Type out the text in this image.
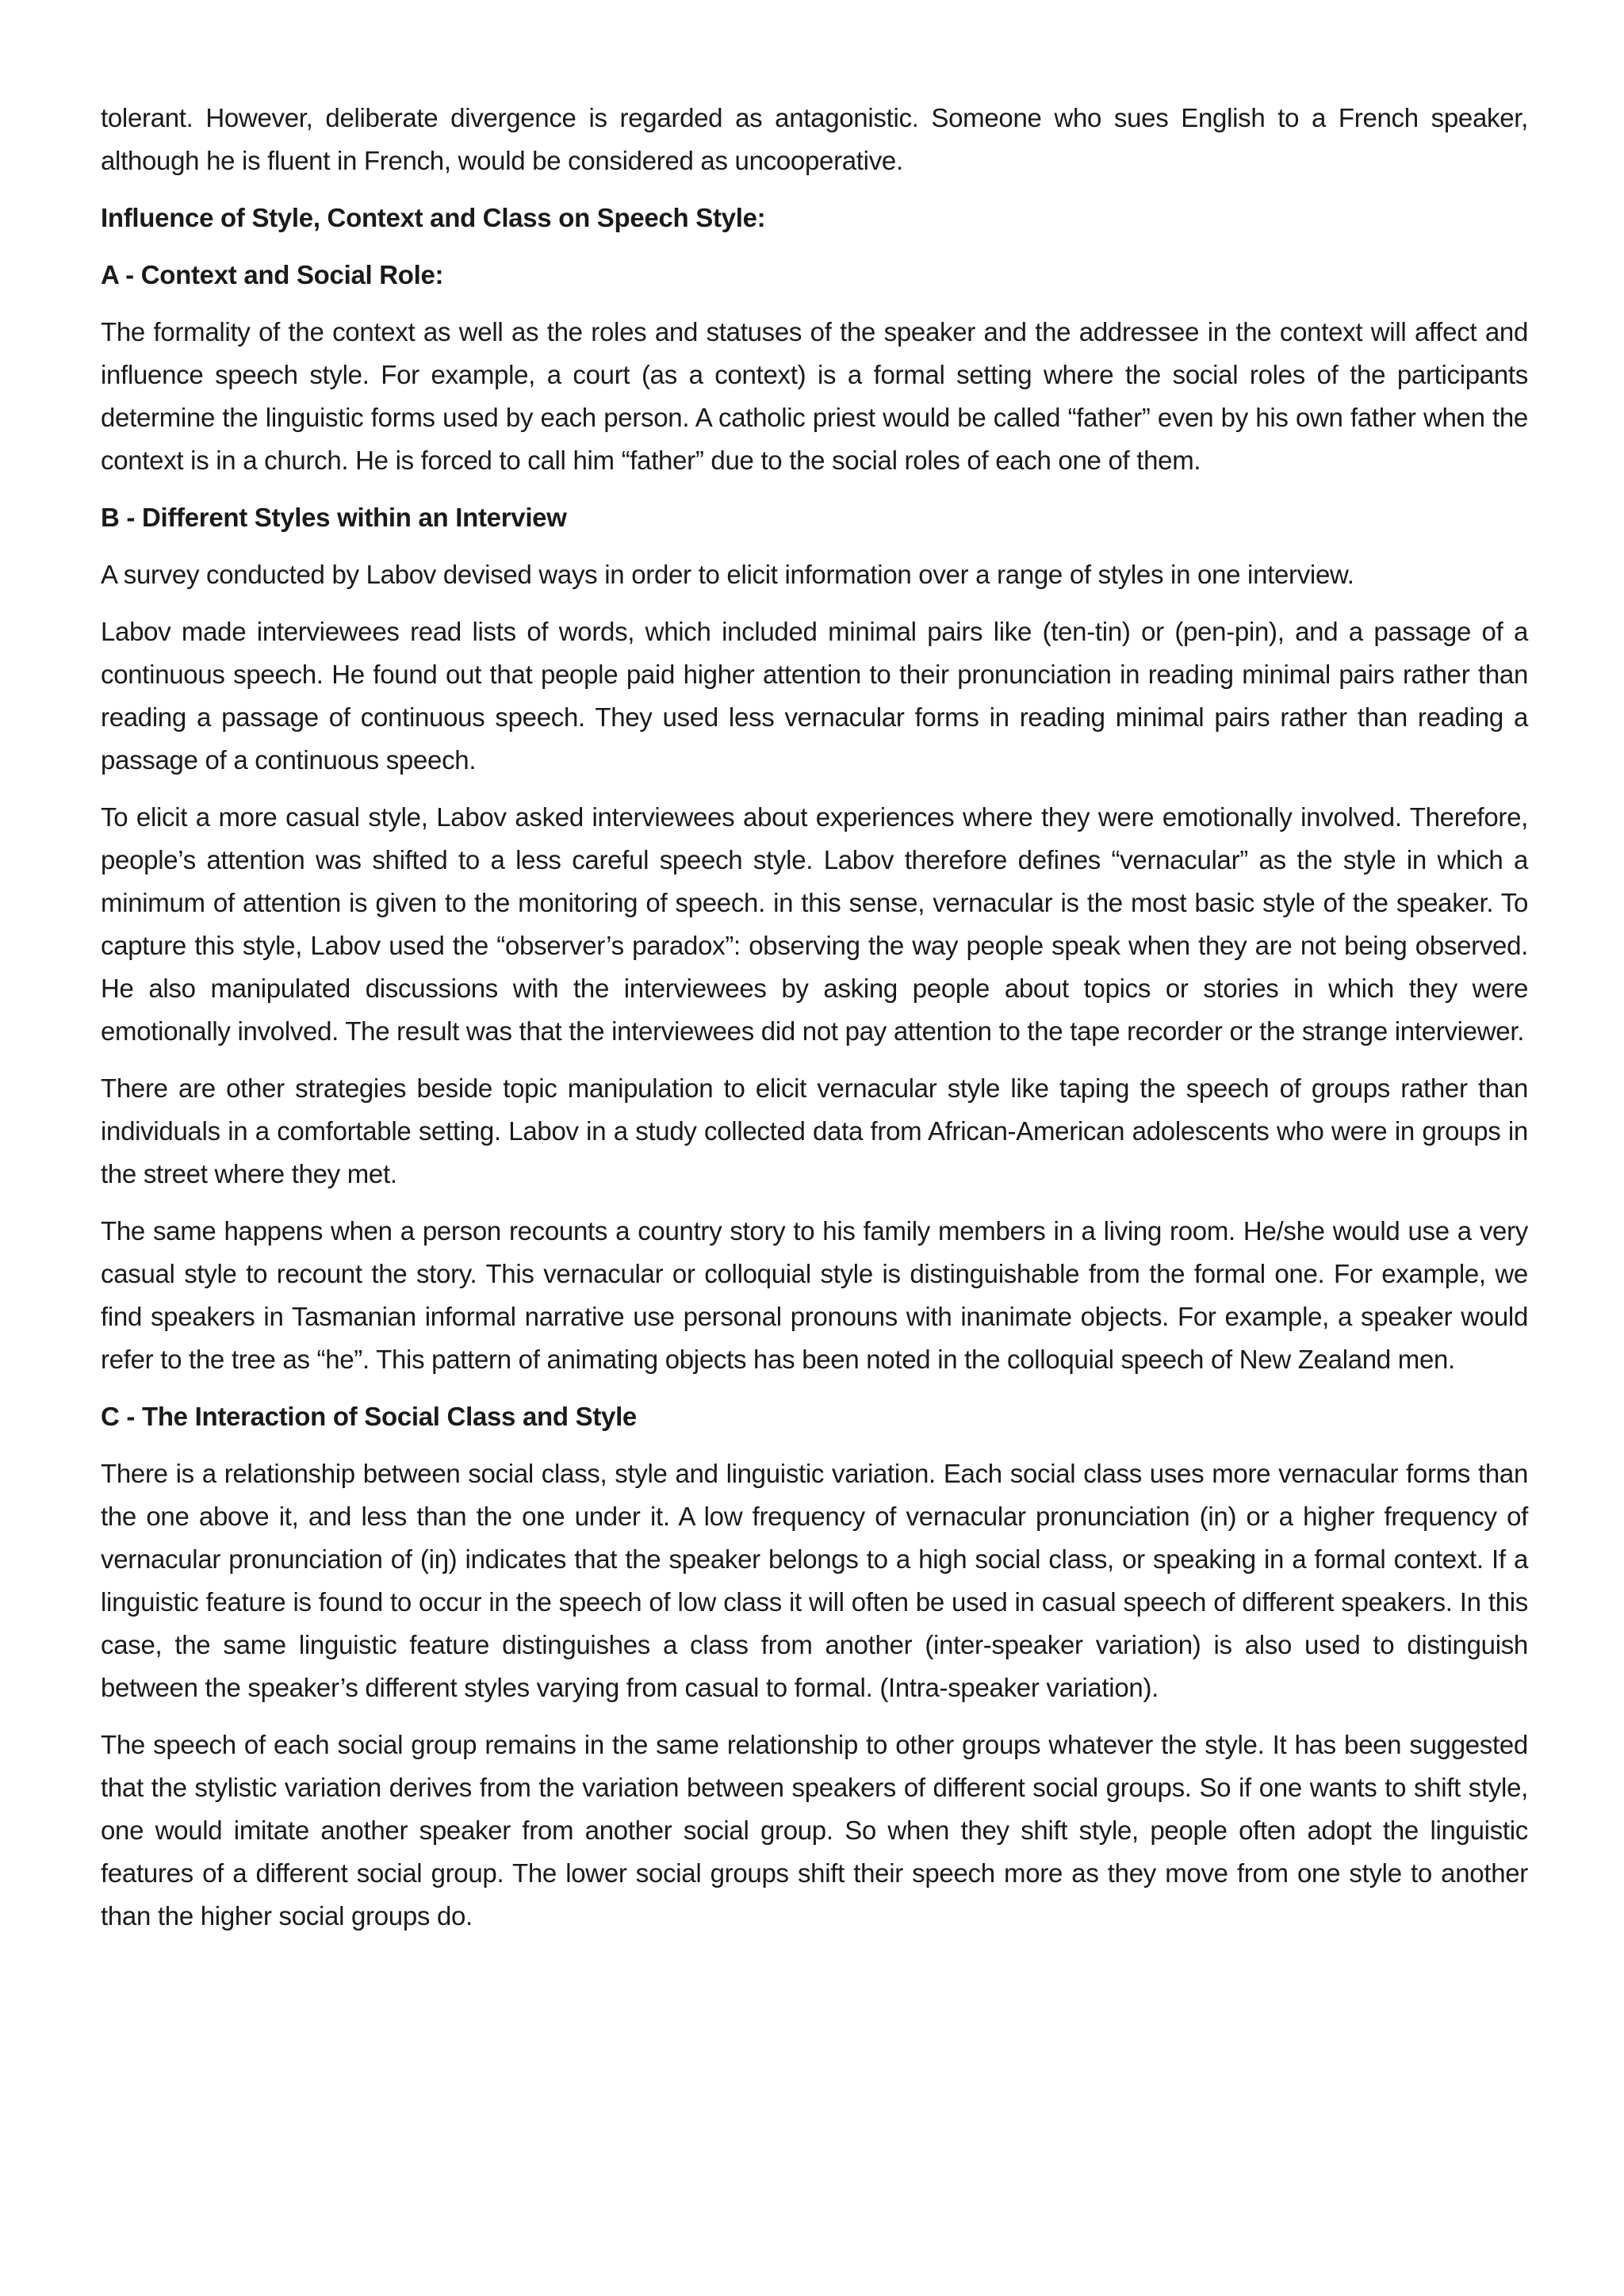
tolerant. However, deliberate divergence is regarded as antagonistic. Someone who sues English to a French speaker, although he is fluent in French, would be considered as uncooperative.

Influence of Style, Context and Class on Speech Style:
A - Context and Social Role:

The formality of the context as well as the roles and statuses of the speaker and the addressee in the context will affect and influence speech style. For example, a court (as a context) is a formal setting where the social roles of the participants determine the linguistic forms used by each person. A catholic priest would be called “father” even by his own father when the context is in a church. He is forced to call him “father” due to the social roles of each one of them.

B - Different Styles within an Interview

A survey conducted by Labov devised ways in order to elicit information over a range of styles in one interview.

Labov made interviewees read lists of words, which included minimal pairs like (ten-tin) or (pen-pin), and a passage of a continuous speech. He found out that people paid higher attention to their pronunciation in reading minimal pairs rather than reading a passage of continuous speech. They used less vernacular forms in reading minimal pairs rather than reading a passage of a continuous speech.

To elicit a more casual style, Labov asked interviewees about experiences where they were emotionally involved. Therefore, people’s attention was shifted to a less careful speech style. Labov therefore defines “vernacular” as the style in which a minimum of attention is given to the monitoring of speech. in this sense, vernacular is the most basic style of the speaker. To capture this style, Labov used the “observer’s paradox”: observing the way people speak when they are not being observed. He also manipulated discussions with the interviewees by asking people about topics or stories in which they were emotionally involved. The result was that the interviewees did not pay attention to the tape recorder or the strange interviewer.

There are other strategies beside topic manipulation to elicit vernacular style like taping the speech of groups rather than individuals in a comfortable setting. Labov in a study collected data from African-American adolescents who were in groups in the street where they met.

The same happens when a person recounts a country story to his family members in a living room. He/she would use a very casual style to recount the story. This vernacular or colloquial style is distinguishable from the formal one. For example, we find speakers in Tasmanian informal narrative use personal pronouns with inanimate objects. For example, a speaker would refer to the tree as “he”. This pattern of animating objects has been noted in the colloquial speech of New Zealand men.

C - The Interaction of Social Class and Style

There is a relationship between social class, style and linguistic variation. Each social class uses more vernacular forms than the one above it, and less than the one under it. A low frequency of vernacular pronunciation (in) or a higher frequency of vernacular pronunciation of (iŋ) indicates that the speaker belongs to a high social class, or speaking in a formal context. If a linguistic feature is found to occur in the speech of low class it will often be used in casual speech of different speakers. In this case, the same linguistic feature distinguishes a class from another (inter-speaker variation) is also used to distinguish between the speaker’s different styles varying from casual to formal. (Intra-speaker variation).

The speech of each social group remains in the same relationship to other groups whatever the style. It has been suggested that the stylistic variation derives from the variation between speakers of different social groups. So if one wants to shift style, one would imitate another speaker from another social group. So when they shift style, people often adopt the linguistic features of a different social group. The lower social groups shift their speech more as they move from one style to another than the higher social groups do.
